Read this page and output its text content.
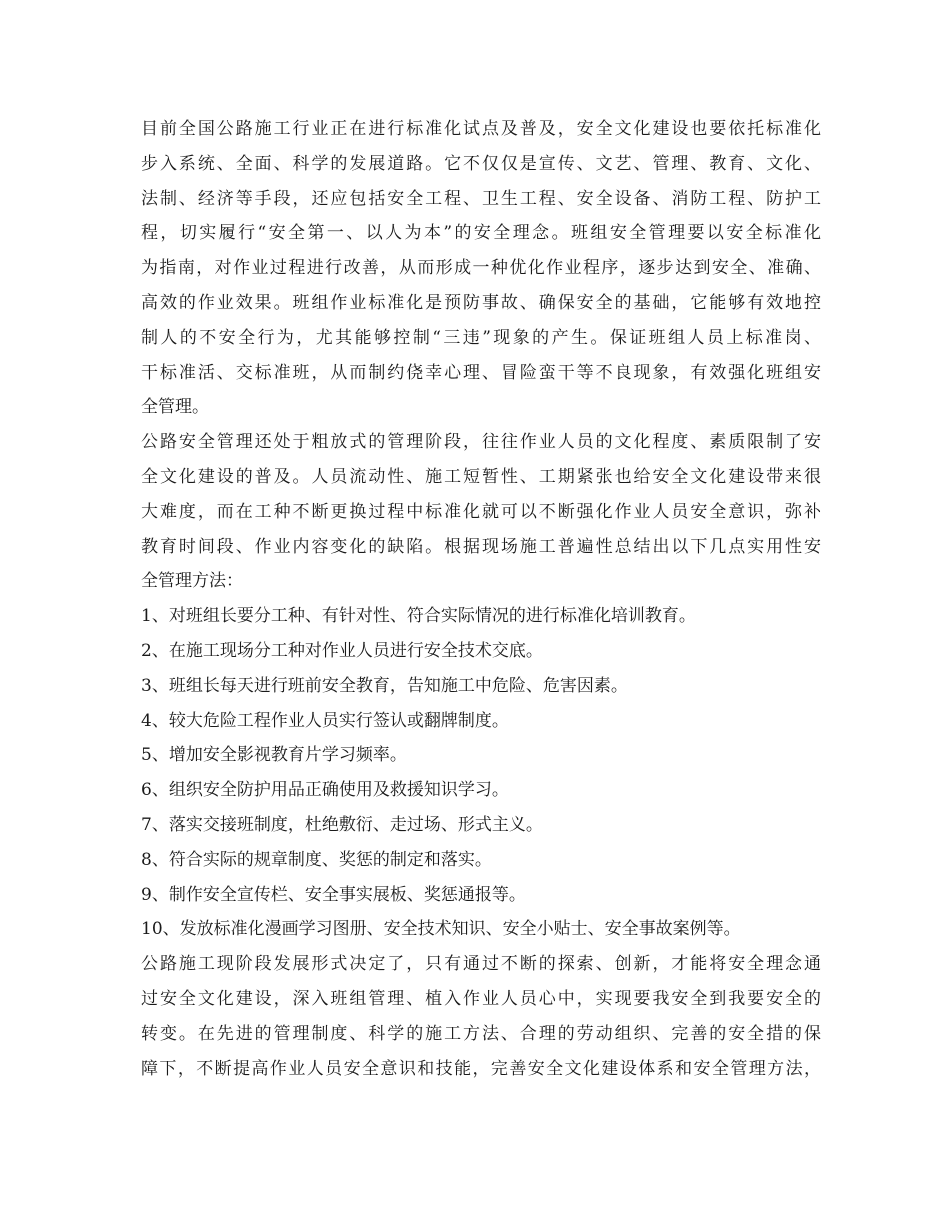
目前全国公路施工行业正在进行标准化试点及普及，安全文化建设也要依托标准化
步入系统、全面、科学的发展道路。它不仅仅是宣传、文艺、管理、教育、文化、
法制、经济等手段，还应包括安全工程、卫生工程、安全设备、消防工程、防护工
程，切实履行“安全第一、以人为本”的安全理念。班组安全管理要以安全标准化
为指南，对作业过程进行改善，从而形成一种优化作业程序，逐步达到安全、准确、
高效的作业效果。班组作业标准化是预防事故、确保安全的基础，它能够有效地控
制人的不安全行为，尤其能够控制“三违”现象的产生。保证班组人员上标准岗、
干标准活、交标准班，从而制约侥幸心理、冒险蛮干等不良现象，有效强化班组安
全管理。
公路安全管理还处于粗放式的管理阶段，往往作业人员的文化程度、素质限制了安
全文化建设的普及。人员流动性、施工短暂性、工期紧张也给安全文化建设带来很
大难度，而在工种不断更换过程中标准化就可以不断强化作业人员安全意识，弥补
教育时间段、作业内容变化的缺陷。根据现场施工普遍性总结出以下几点实用性安
全管理方法：
1、对班组长要分工种、有针对性、符合实际情况的进行标准化培训教育。
2、在施工现场分工种对作业人员进行安全技术交底。
3、班组长每天进行班前安全教育，告知施工中危险、危害因素。
4、较大危险工程作业人员实行签认或翻牌制度。
5、增加安全影视教育片学习频率。
6、组织安全防护用品正确使用及救援知识学习。
7、落实交接班制度，杜绝敷衍、走过场、形式主义。
8、符合实际的规章制度、奖惩的制定和落实。
9、制作安全宣传栏、安全事实展板、奖惩通报等。
10、发放标准化漫画学习图册、安全技术知识、安全小贴士、安全事故案例等。
公路施工现阶段发展形式决定了，只有通过不断的探索、创新，才能将安全理念通
过安全文化建设，深入班组管理、植入作业人员心中，实现要我安全到我要安全的
转变。在先进的管理制度、科学的施工方法、合理的劳动组织、完善的安全措的保
障下，不断提高作业人员安全意识和技能，完善安全文化建设体系和安全管理方法，
